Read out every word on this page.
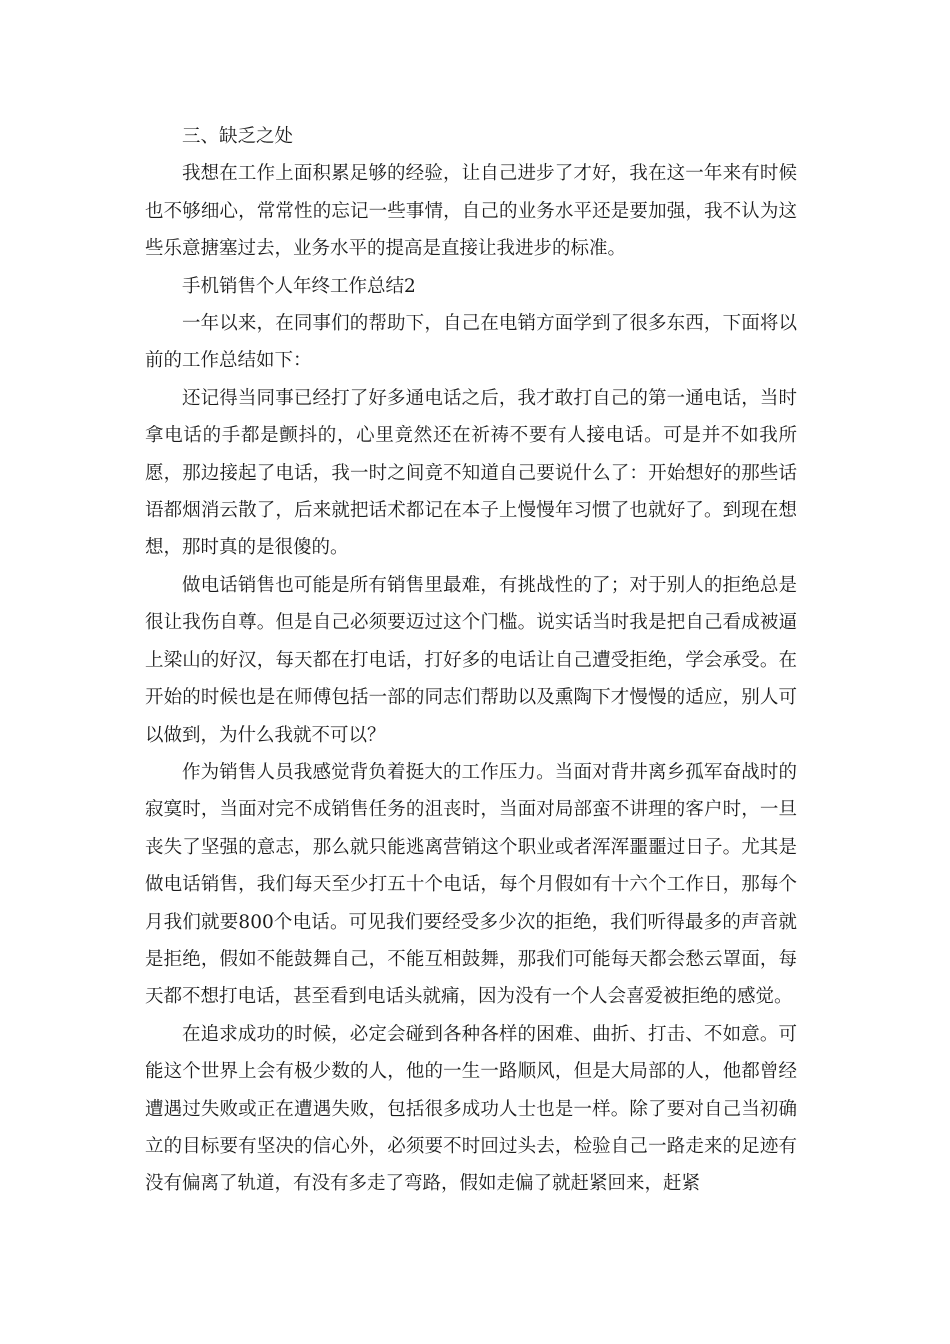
三、缺乏之处

我想在工作上面积累足够的经验，让自己进步了才好，我在这一年来有时候也不够细心，常常性的忘记一些事情，自己的业务水平还是要加强，我不认为这些乐意搪塞过去，业务水平的提高是直接让我进步的标准。

手机销售个人年终工作总结2

一年以来，在同事们的帮助下，自己在电销方面学到了很多东西，下面将以前的工作总结如下：

还记得当同事已经打了好多通电话之后，我才敢打自己的第一通电话，当时拿电话的手都是颤抖的，心里竟然还在祈祷不要有人接电话。可是并不如我所愿，那边接起了电话，我一时之间竟不知道自己要说什么了：开始想好的那些话语都烟消云散了，后来就把话术都记在本子上慢慢年习惯了也就好了。到现在想想，那时真的是很傻的。

做电话销售也可能是所有销售里最难，有挑战性的了；对于别人的拒绝总是很让我伤自尊。但是自己必须要迈过这个门槛。说实话当时我是把自己看成被逼上梁山的好汉，每天都在打电话，打好多的电话让自己遭受拒绝，学会承受。在开始的时候也是在师傅包括一部的同志们帮助以及熏陶下才慢慢的适应，别人可以做到，为什么我就不可以？

作为销售人员我感觉背负着挺大的工作压力。当面对背井离乡孤军奋战时的寂寞时，当面对完不成销售任务的沮丧时，当面对局部蛮不讲理的客户时，一旦丧失了坚强的意志，那么就只能逃离营销这个职业或者浑浑噩噩过日子。尤其是做电话销售，我们每天至少打五十个电话，每个月假如有十六个工作日，那每个月我们就要800个电话。可见我们要经受多少次的拒绝，我们听得最多的声音就是拒绝，假如不能鼓舞自己，不能互相鼓舞，那我们可能每天都会愁云罩面，每天都不想打电话，甚至看到电话头就痛，因为没有一个人会喜爱被拒绝的感觉。

在追求成功的时候，必定会碰到各种各样的困难、曲折、打击、不如意。可能这个世界上会有极少数的人，他的一生一路顺风，但是大局部的人，他都曾经遭遇过失败或正在遭遇失败，包括很多成功人士也是一样。除了要对自己当初确立的目标要有坚决的信心外，必须要不时回过头去，检验自己一路走来的足迹有没有偏离了轨道，有没有多走了弯路，假如走偏了就赶紧回来，赶紧
